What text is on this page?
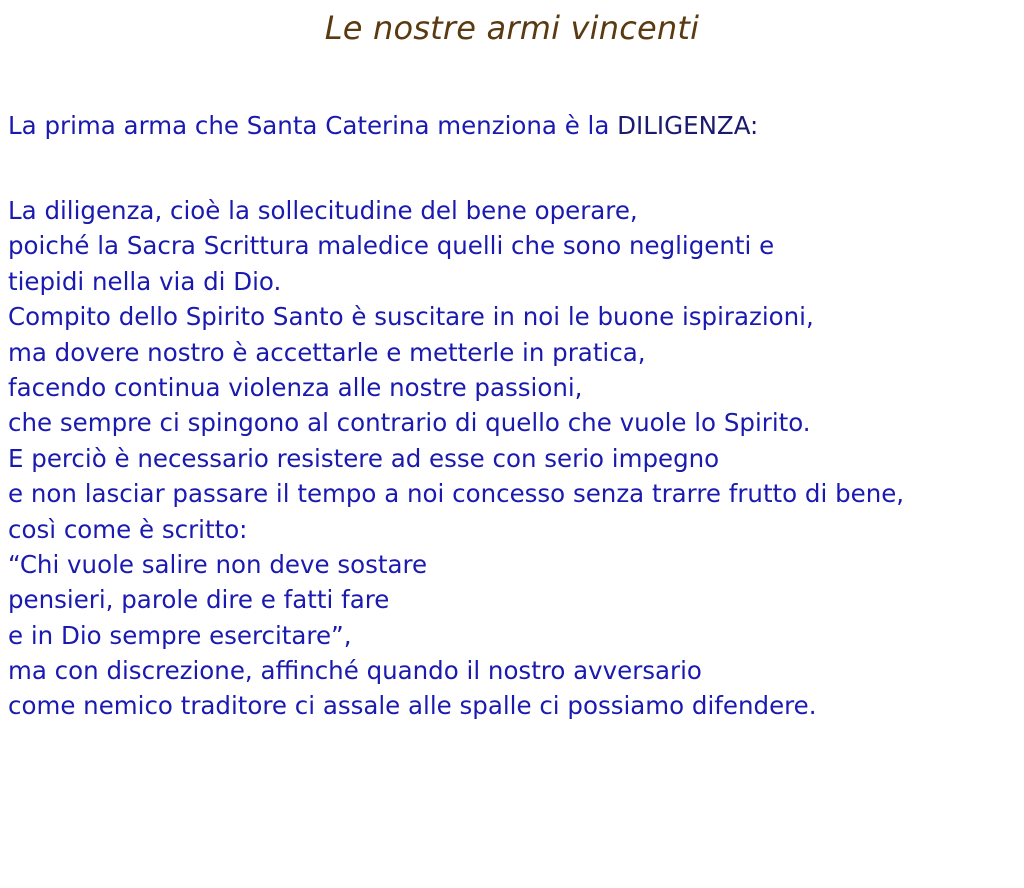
Le nostre armi vincenti
La prima arma che Santa Caterina menziona è la DILIGENZA:
La diligenza, cioè la sollecitudine del bene operare,
poiché la Sacra Scrittura maledice quelli che sono negligenti e
tiepidi nella via di Dio.
Compito dello Spirito Santo è suscitare in noi le buone ispirazioni,
ma dovere nostro è accettarle e metterle in pratica,
facendo continua violenza alle nostre passioni,
che sempre ci spingono al contrario di quello che vuole lo Spirito.
E perciò è necessario resistere ad esse con serio impegno
e non lasciar passare il tempo a noi concesso senza trarre frutto di bene,
così come è scritto:
“Chi vuole salire non deve sostare
pensieri, parole dire e fatti fare
e in Dio sempre esercitare”,
ma con discrezione, affinché quando il nostro avversario
come nemico traditore ci assale alle spalle ci possiamo difendere.
